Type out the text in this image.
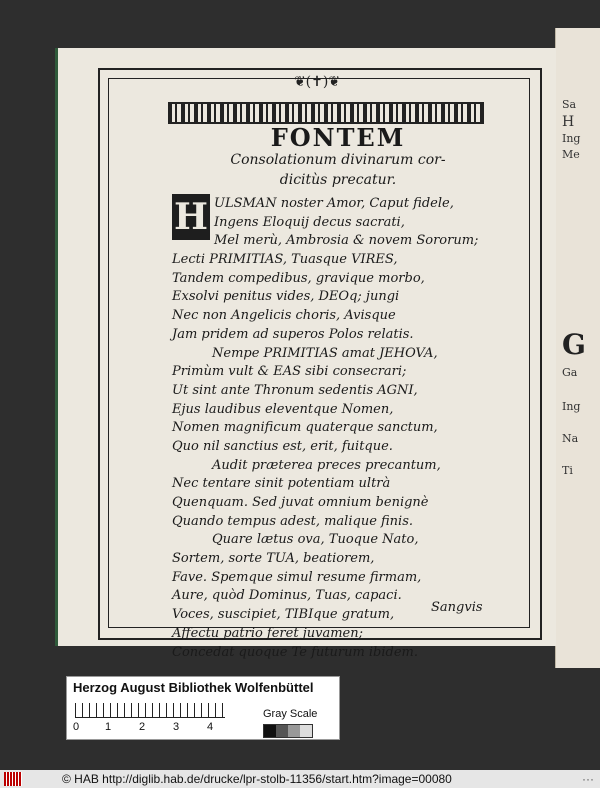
Sa
H
Ing
Me
G
Ga
Ing
Na
Ti
❦(✝)❦
FONTEM
Consolationum divinarum cor-
dicitùs precatur.
H ULSMAN noster Amor, Caput fidele,
Ingens Eloquij decus sacrati,
Mel merù, Ambrosia & novem Sororum;
Lecti PRIMITIAS, Tuasque VIRES,
Tandem compedibus, gravique morbo,
Exsolvi penitus vides, DEOq; jungi
Nec non Angelicis choris, Avisque
Jam pridem ad superos Polos relatis.
Nempe PRIMITIAS amat JEHOVA,
Primùm vult & EAS sibi consecrari;
Ut sint ante Thronum sedentis AGNI,
Ejus laudibus eleventque Nomen,
Nomen magnificum quaterque sanctum,
Quo nil sanctius est, erit, fuitque.
Audit præterea preces precantum,
Nec tentare sinit potentiam ultrà
Quenquam. Sed juvat omnium benignè
Quando tempus adest, malique finis.
Quare lætus ova, Tuoque Nato,
Sortem, sorte TUA, beatiorem,
Fave. Spemque simul resume firmam,
Aure, quòd Dominus, Tuas, capaci.
Voces, suscipiet, TIBIque gratum,
Affectu patrio feret juvamen;
Concedat quoque Te futurum ibidem.
Sangvis
Herzog August Bibliothek Wolfenbüttel
0 1	2	3	4
Gray Scale
© HAB http://diglib.hab.de/drucke/lpr-stolb-11356/start.htm?image=00080	···
